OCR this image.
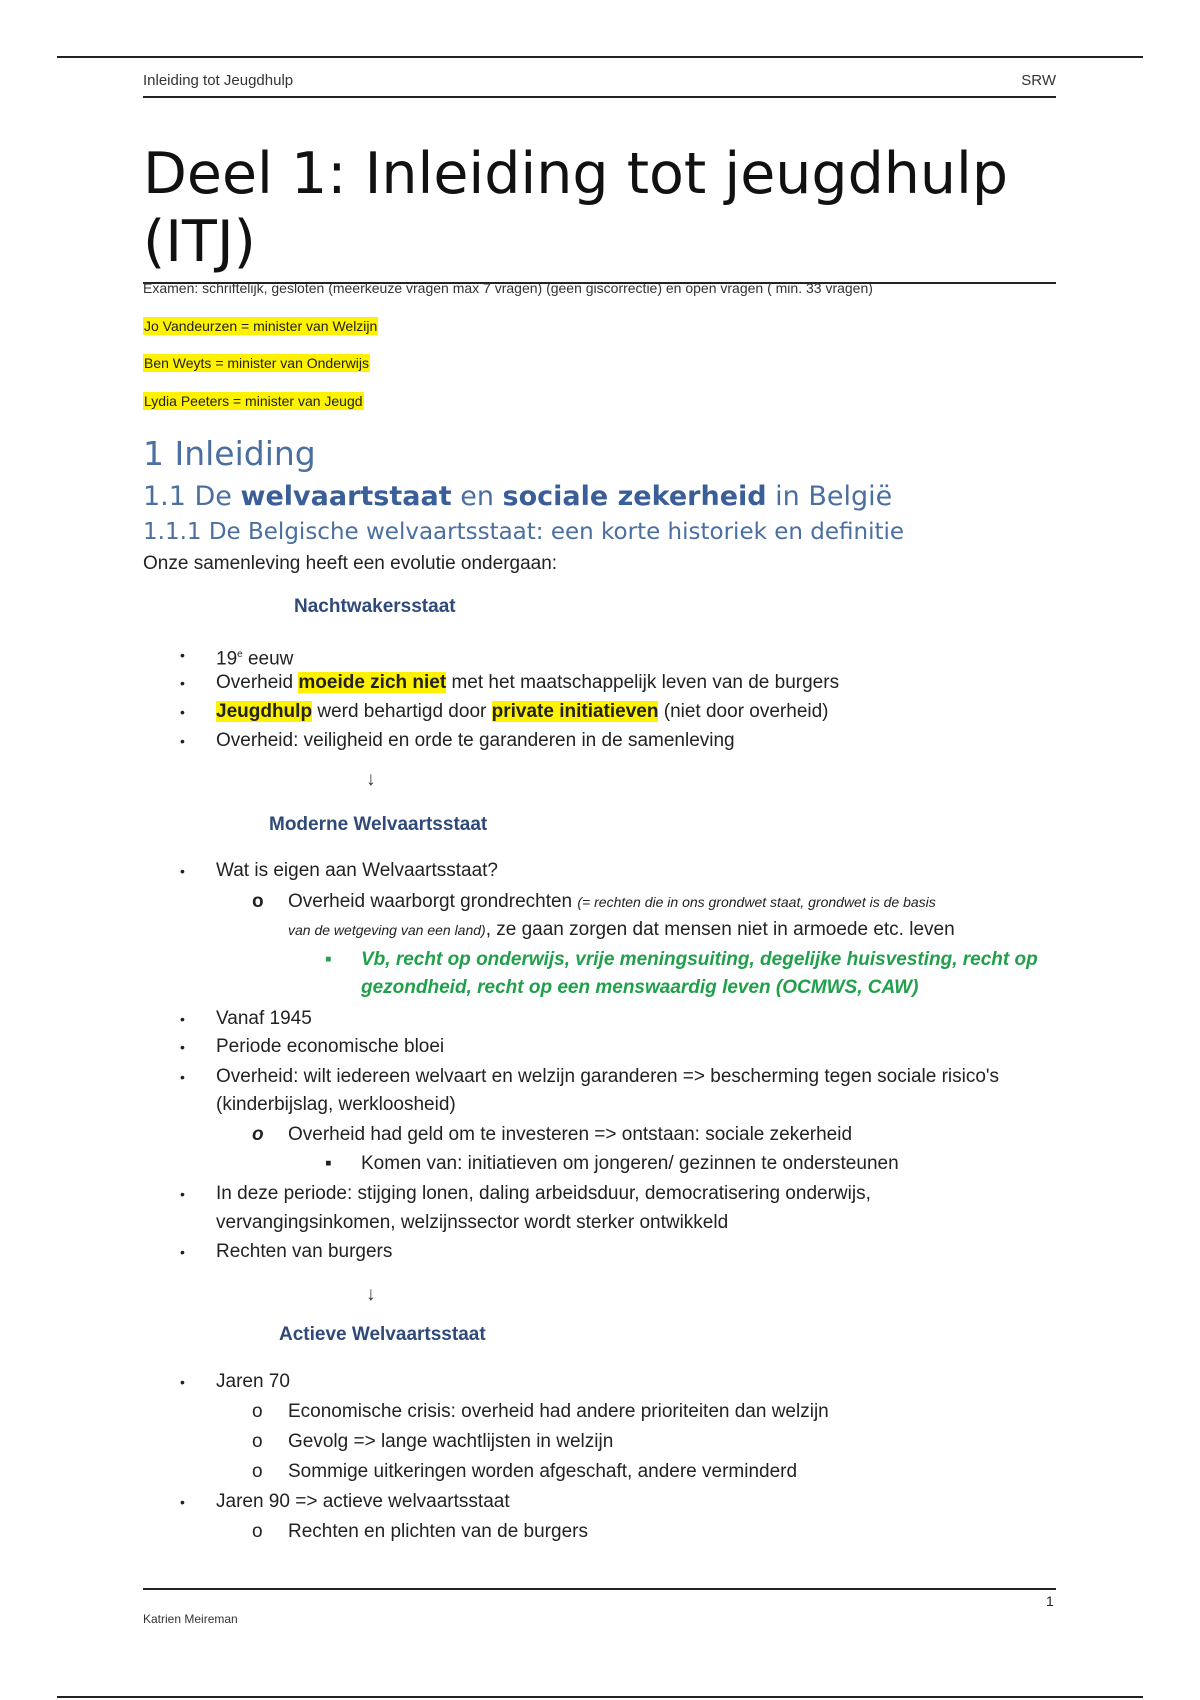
Inleiding tot Jeugdhulp	SRW
Deel 1: Inleiding tot jeugdhulp (ITJ)
Examen: schriftelijk, gesloten (meerkeuze vragen max 7 vragen) (geen giscorrectie) en open vragen ( min. 33 vragen)
Jo Vandeurzen = minister van Welzijn
Ben Weyts = minister van Onderwijs
Lydia Peeters = minister van Jeugd
1 Inleiding
1.1 De welvaartstaat en sociale zekerheid in België
1.1.1 De Belgische welvaartsstaat: een korte historiek en definitie
Onze samenleving heeft een evolutie ondergaan:
Nachtwakersstaat
• 19e eeuw
• Overheid moeide zich niet met het maatschappelijk leven van de burgers
• Jeugdhulp werd behartigd door private initiatieven (niet door overheid)
• Overheid: veiligheid en orde te garanderen in de samenleving
↓
Moderne Welvaartsstaat
• Wat is eigen aan Welvaartsstaat?
o Overheid waarborgt grondrechten (= rechten die in ons grondwet staat, grondwet is de basis
van de wetgeving van een land), ze gaan zorgen dat mensen niet in armoede etc. leven
▪ Vb, recht op onderwijs, vrije meningsuiting, degelijke huisvesting, recht op
gezondheid, recht op een menswaardig leven (OCMWS, CAW)
• Vanaf 1945
• Periode economische bloei
• Overheid: wilt iedereen welvaart en welzijn garanderen => bescherming tegen sociale risico's
(kinderbijslag, werkloosheid)
o Overheid had geld om te investeren => ontstaan: sociale zekerheid
▪ Komen van: initiatieven om jongeren/ gezinnen te ondersteunen
• In deze periode: stijging lonen, daling arbeidsduur, democratisering onderwijs,
vervangingsinkomen, welzijnssector wordt sterker ontwikkeld
• Rechten van burgers
↓
Actieve Welvaartsstaat
• Jaren 70
o Economische crisis: overheid had andere prioriteiten dan welzijn
o Gevolg => lange wachtlijsten in welzijn
o Sommige uitkeringen worden afgeschaft, andere verminderd
• Jaren 90 => actieve welvaartsstaat
o Rechten en plichten van de burgers
1
Katrien Meireman
